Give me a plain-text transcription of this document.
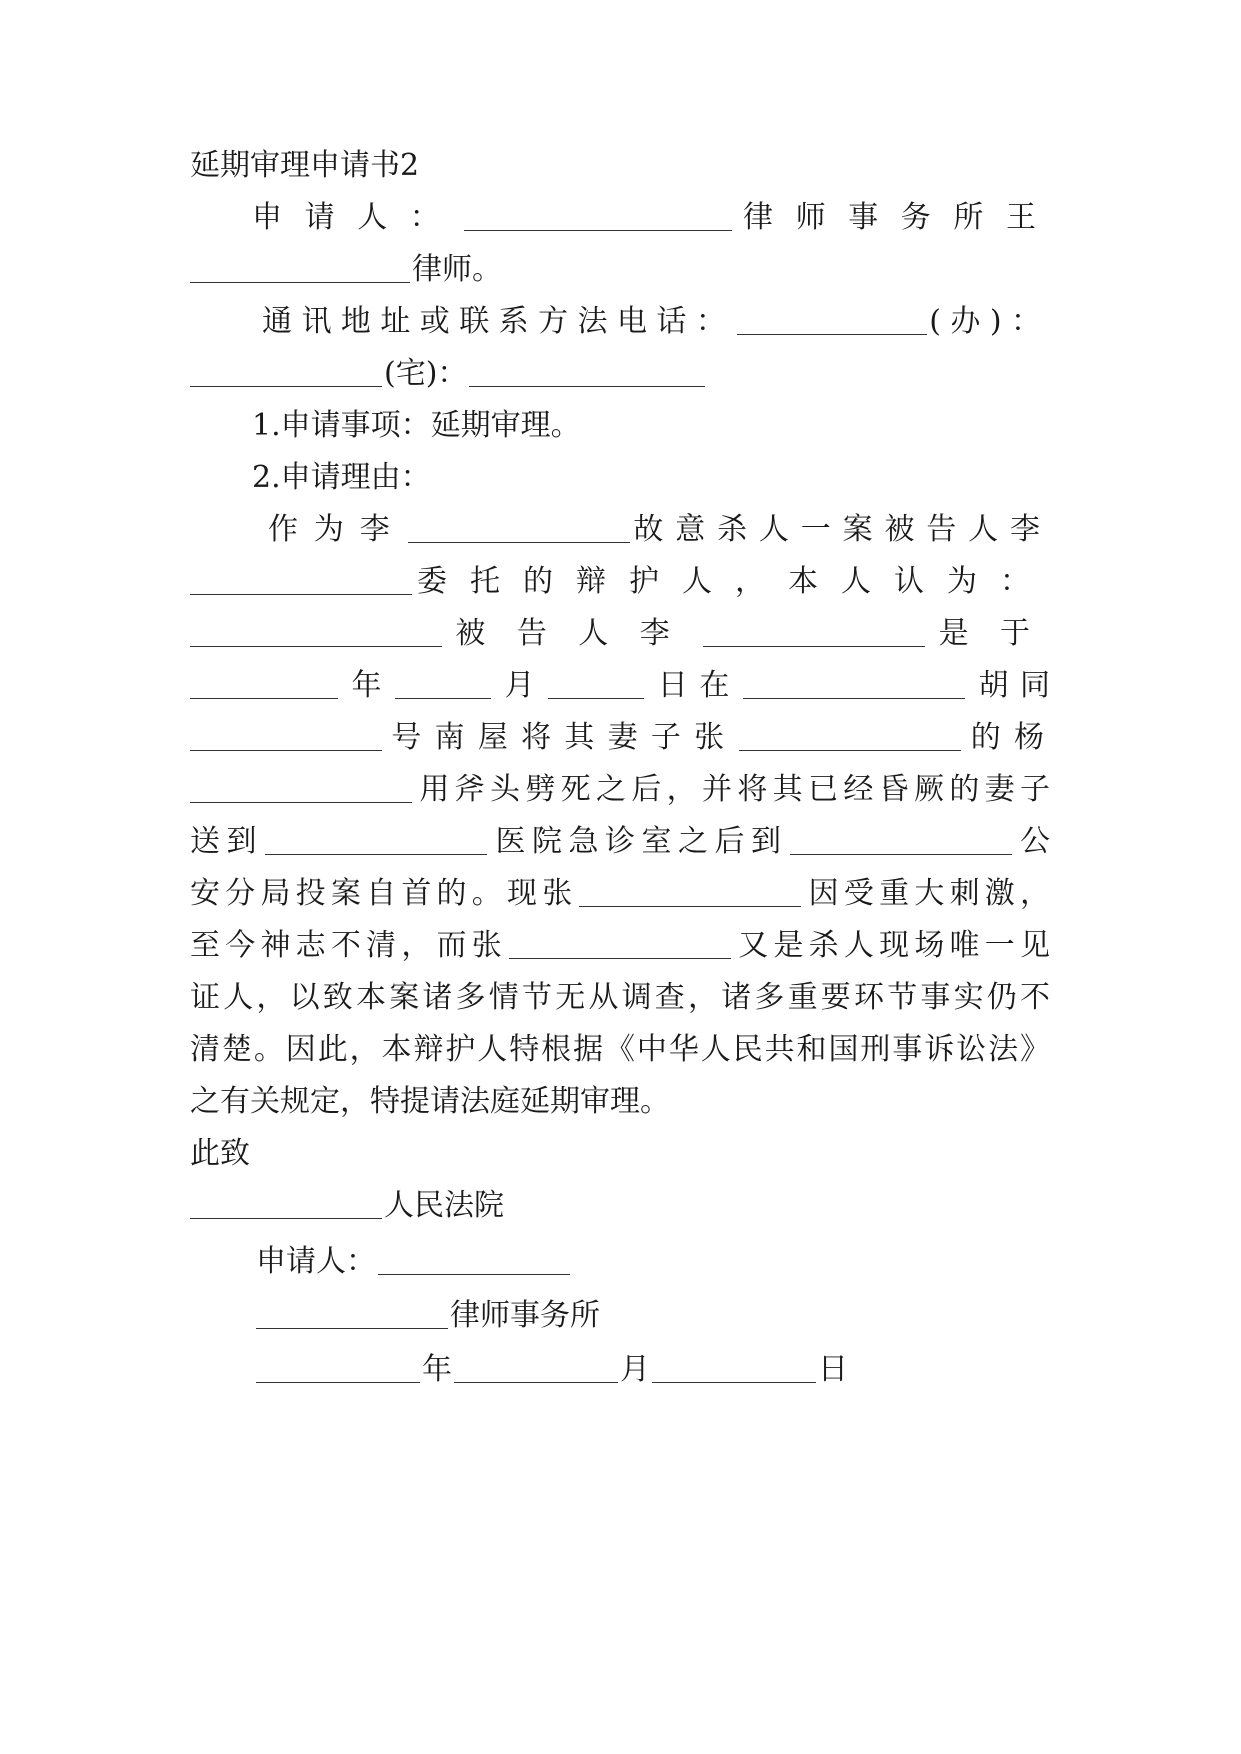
延期审理申请书2
申请人：	律师事务所王
律师。
通讯地址或联系方法电话：	(办)：
(宅)：
1.申请事项：延期审理。
2.申请理由：
作为李	故意杀人一案被告人李
委托的辩护人，本人认为：
被告人李	是于
年	月	日在	胡同
号南屋将其妻子张	的杨
用斧头劈死之后，并将其已经昏厥的妻子
送到	医院急诊室之后到	公
安分局投案自首的。现张	因受重大刺激，
至今神志不清，而张	又是杀人现场唯一见
证人，以致本案诸多情节无从调查，诸多重要环节事实仍不
清楚。因此，本辩护人特根据《中华人民共和国刑事诉讼法》
之有关规定，特提请法庭延期审理。
此致
人民法院
申请人：
律师事务所
年	月	日
